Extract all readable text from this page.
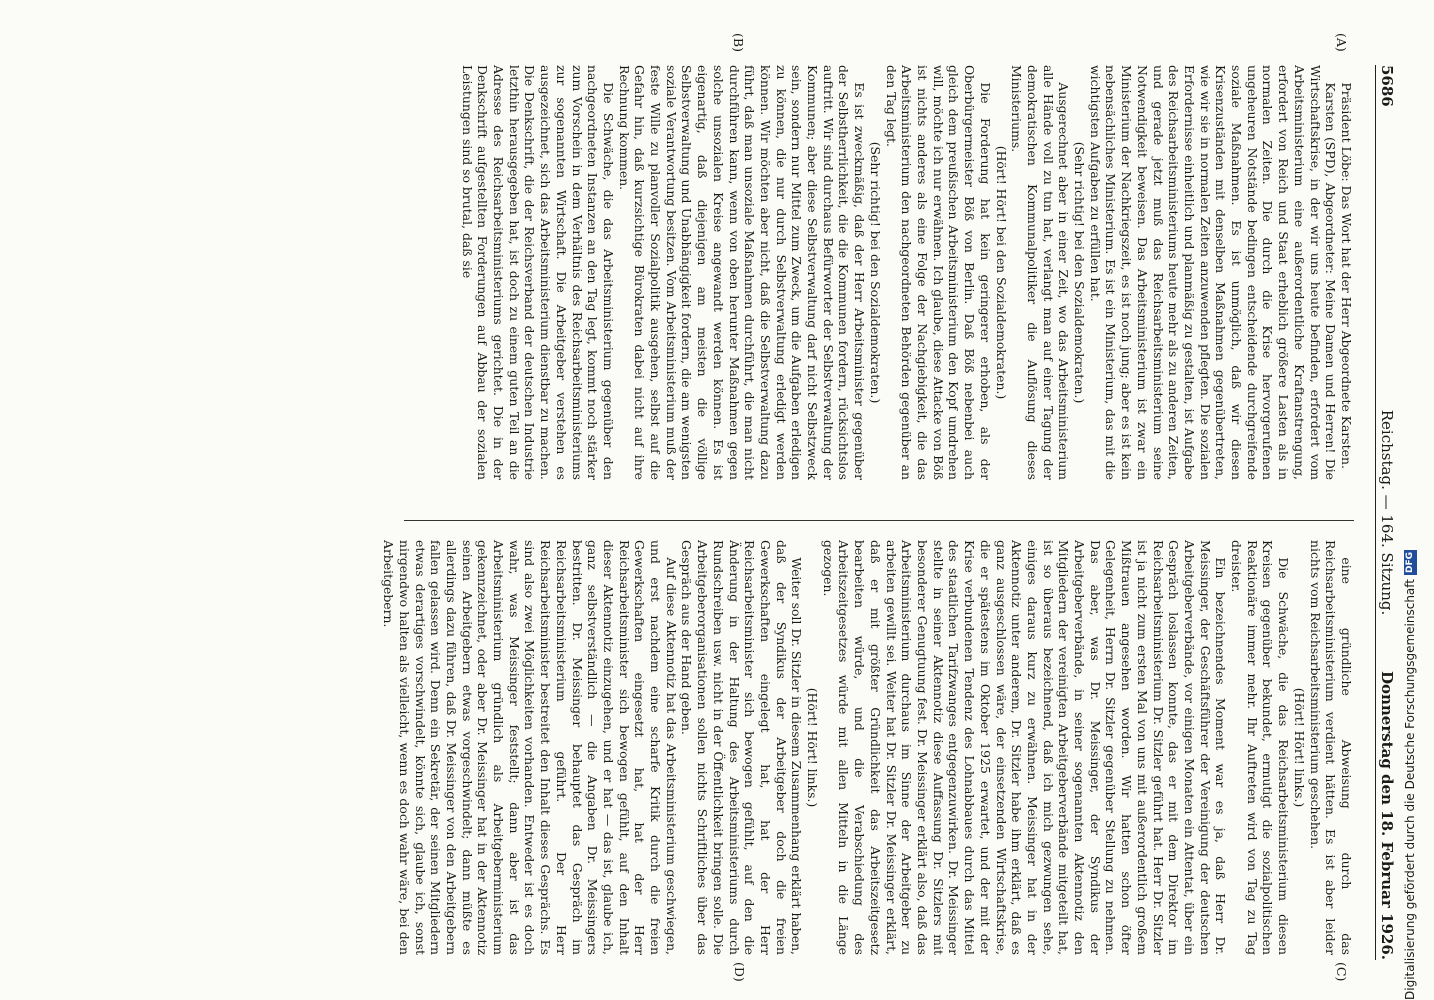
5686
Reichstag. — 164. Sitzung.
Donnerstag den 18. Februar 1926.
(A)
(B)
(C)
(D)

Präsident Löbe: Das Wort hat der Herr Abgeordnete Karsten.

Karsten (SPD), Abgeordneter: Meine Damen und Herren! Die Wirtschaftskrise, in der wir uns heute befinden, erfordert vom Arbeitsministerium eine außerordentliche Kraftanstrengung, erfordert von Reich und Staat erheblich größere Lasten als in normalen Zeiten. Die durch die Krise hervorgerufenen ungeheuren Notstände bedingen entscheidende durchgreifende soziale Maßnahmen. Es ist unmöglich, daß wir diesen Krisenzuständen mit denselben Maßnahmen gegenübertreten, wie wir sie in normalen Zeiten anzuwenden pflegten. Die sozialen Erfordernisse einheitlich und planmäßig zu gestalten, ist Aufgabe des Reichsarbeitsministeriums heute mehr als zu anderen Zeiten, und gerade jetzt muß das Reichsarbeitsministerium seine Notwendigkeit beweisen. Das Arbeitsministerium ist zwar ein Ministerium der Nachkriegszeit, es ist noch jung; aber es ist kein nebensächliches Ministerium. Es ist ein Ministerium, das mit die wichtigsten Aufgaben zu erfüllen hat.

(Sehr richtig! bei den Sozialdemokraten.)

Ausgerechnet aber in einer Zeit, wo das Arbeitsministerium alle Hände voll zu tun hat, verlangt man auf einer Tagung der demokratischen Kommunalpolitiker die Auflösung dieses Ministeriums.

(Hört! Hört! bei den Sozialdemokraten.)

Die Forderung hat kein geringerer erhoben, als der Oberbürgermeister Böß von Berlin. Daß Böß nebenbei auch gleich dem preußischen Arbeitsministerium den Kopf umdrehen will, möchte ich nur erwähnen. Ich glaube, diese Attacke von Böß ist nichts anderes als eine Folge der Nachgiebigkeit, die das Arbeitsministerium den nachgeordneten Behörden gegenüber an den Tag legt.

(Sehr richtig! bei den Sozialdemokraten.)

Es ist zweckmäßig, daß der Herr Arbeitsminister gegenüber der Selbstherrlichkeit, die die Kommunen fordern, rücksichtslos auftritt. Wir sind durchaus Befürworter der Selbstverwaltung der Kommunen; aber diese Selbstverwaltung darf nicht Selbstzweck sein, sondern nur Mittel zum Zweck, um die Aufgaben erledigen zu können, die nur durch Selbstverwaltung erledigt werden können. Wir möchten aber nicht, daß die Selbstverwaltung dazu führt, daß man unsoziale Maßnahmen durchführt, die man nicht durchführen kann, wenn von oben herunter Maßnahmen gegen solche unsozialen Kreise angewandt werden können. Es ist eigenartig, daß diejenigen am meisten die völlige Selbstverwaltung und Unabhängigkeit fordern, die am wenigsten soziale Verantwortung besitzen. Vom Arbeitsministerium muß der feste Wille zu planvoller Sozialpolitik ausgehen, selbst auf die Gefahr hin, daß kurzsichtige Bürokraten dabei nicht auf ihre Rechnung kommen.

Die Schwäche, die das Arbeitsministerium gegenüber den nachgeordneten Instanzen an den Tag legt, kommt noch stärker zum Vorschein in dem Verhältnis des Reichsarbeitsministeriums zur sogenannten Wirtschaft. Die Arbeitgeber verstehen es ausgezeichnet, sich das Arbeitsministerium dienstbar zu machen. Die Denkschrift, die der Reichsverband der deutschen Industrie letzthin herausgegeben hat, ist doch zu einem guten Teil an die Adresse des Reichsarbeitsministeriums gerichtet. Die in der Denkschrift aufgestellten Forderungen auf Abbau der sozialen Leistungen sind so brutal, daß sie

eine gründliche Abweisung durch das Reichsarbeitsministerium verdient hätten. Es ist aber leider nichts vom Reichsarbeitsministerium geschehen.

(Hört! Hört! links.)

Die Schwäche, die das Reichsarbeitsministerium diesen Kreisen gegenüber bekundet, ermutigt die sozialpolitischen Reaktionäre immer mehr. Ihr Auftreten wird von Tag zu Tag dreister.

Ein bezeichnendes Moment war es ja, daß Herr Dr. Meissinger, der Geschäftsführer der Vereinigung der deutschen Arbeitgeberverbände, vor einigen Monaten ein Attentat, über ein Gespräch loslassen konnte, das er mit dem Direktor im Reichsarbeitsministerium Dr. Sitzler geführt hat. Herr Dr. Sitzler ist ja nicht zum ersten Mal von uns mit außerordentlich großem Mißtrauen angesehen worden. Wir hatten schon öfter Gelegenheit, Herrn Dr. Sitzler gegenüber Stellung zu nehmen. Das aber, was Dr. Meissinger, der Syndikus der Arbeitgeberverbände, in seiner sogenannten Aktennotiz den Mitgliedern der vereinigten Arbeitgeberverbände mitgeteilt hat, ist so überaus bezeichnend, daß ich mich gezwungen sehe, einiges daraus kurz zu erwähnen. Meissinger hat in der Aktennotiz unter anderem, Dr. Sitzler habe ihm erklärt, daß es ganz ausgeschlossen wäre, der einsetzenden Wirtschaftskrise, die er spätestens im Oktober 1925 erwartet, und der mit der Krise verbundenen Tendenz des Lohnabbaues durch das Mittel des staatlichen Tarifzwanges entgegenzuwirken. Dr. Meissinger stellte in seiner Aktennotiz diese Auffassung Dr. Sitzlers mit besonderer Genugtuung fest. Dr. Meissinger erklärt also, daß das Arbeitsministerium durchaus im Sinne der Arbeitgeber zu arbeiten gewillt sei. Weiter hat Dr. Sitzler Dr. Meissinger erklärt, daß er mit größter Gründlichkeit das Arbeitszeitgesetz bearbeiten würde, und die Verabschiedung des Arbeitszeitgesetzes würde mit allen Mitteln in die Länge gezogen.

(Hört! Hört! links.)

Weiter soll Dr. Sitzler in diesem Zusammenhang erklärt haben, daß der Syndikus der Arbeitgeber doch die freien Gewerkschaften eingelegt hat, hat der Herr Reichsarbeitsminister sich bewogen gefühlt, auf den die Änderung in der Haltung des Arbeitsministeriums durch Rundschreiben usw. nicht in der Öffentlichkeit bringen solle. Die Arbeitgeberorganisationen sollen nichts Schriftliches über das Gespräch aus der Hand geben.

Auf diese Aktennotiz hat das Arbeitsministerium geschwiegen, und erst nachdem eine scharfe Kritik durch die freien Gewerkschaften eingesetzt hat, hat der Herr Reichsarbeitsminister sich bewogen gefühlt, auf den Inhalt dieser Aktennotiz einzugehen, und er hat — das ist, glaube ich, ganz selbstverständlich — die Angaben Dr. Meissingers bestritten. Dr. Meissinger behauptet das Gespräch im Reichsarbeitsministerium geführt. Der Herr Reichsarbeitsminister bestreitet den Inhalt dieses Gesprächs. Es sind also zwei Möglichkeiten vorhanden. Entweder ist es doch wahr, was Meissinger feststellt; dann aber ist das Arbeitsministerium gründlich als Arbeitgeberministerium gekennzeichnet, oder aber Dr. Meissinger hat in der Aktennotiz seinen Arbeitgebern etwas vorgeschwindelt; dann müßte es allerdings dazu führen, daß Dr. Meissinger von den Arbeitgebern fallen gelassen wird. Denn ein Sekretär, der seinen Mitgliedern etwas derartiges vorschwindelt, könnte sich, glaube ich, sonst nirgendwo halten als vielleicht, wenn es doch wahr wäre, bei den Arbeitgebern.	Digitalisierung gefördert durch die Deutsche Forschungsgemeinschaft
DFG
